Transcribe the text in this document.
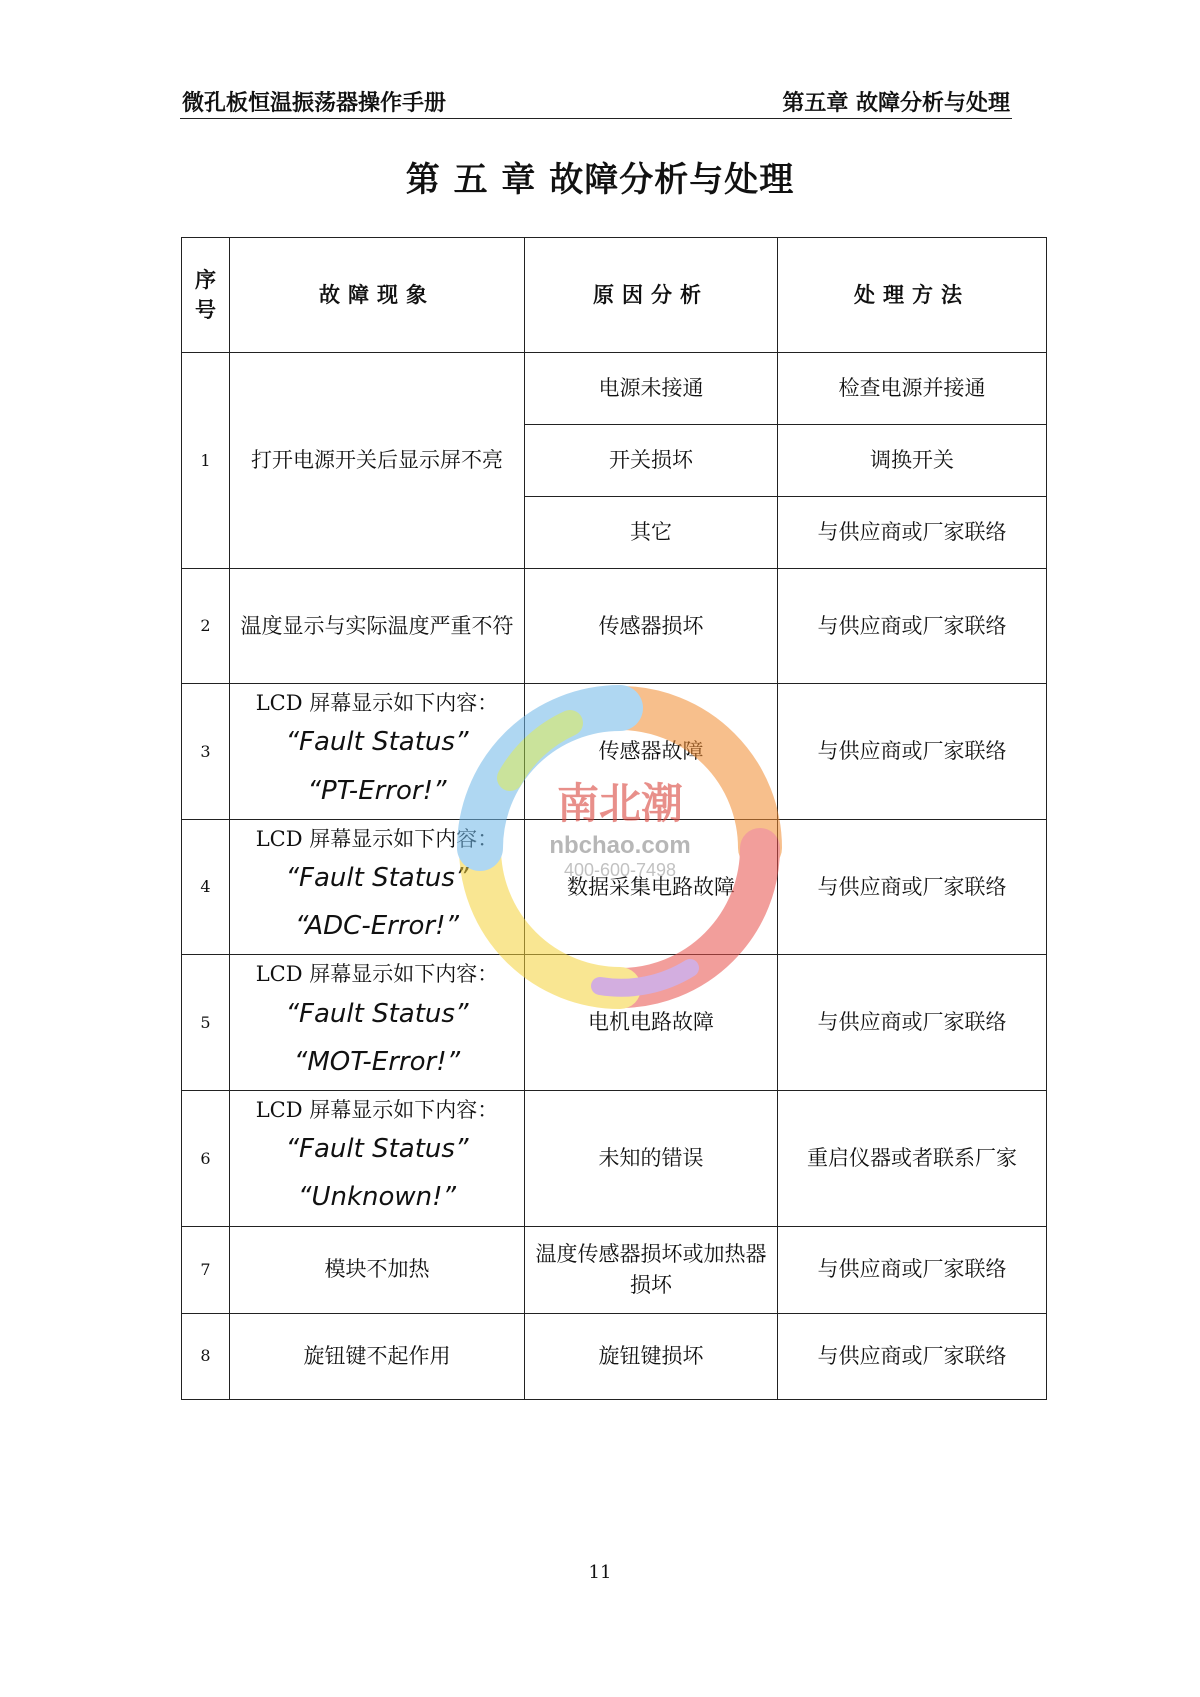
微孔板恒温振荡器操作手册	第五章 故障分析与处理
第 五 章 故障分析与处理
序号	故障现象	原因分析	处理方法
1	打开电源开关后显示屏不亮	电源未接通	检查电源并接通
		开关损坏	调换开关
		其它	与供应商或厂家联络
2	温度显示与实际温度严重不符	传感器损坏	与供应商或厂家联络
3	LCD 屏幕显示如下内容：
“Fault Status”
“PT-Error!”	传感器故障	与供应商或厂家联络
4	LCD 屏幕显示如下内容：
“Fault Status”
“ADC-Error!”	数据采集电路故障	与供应商或厂家联络
5	LCD 屏幕显示如下内容：
“Fault Status”
“MOT-Error!”	电机电路故障	与供应商或厂家联络
6	LCD 屏幕显示如下内容：
“Fault Status”
“Unknown!”	未知的错误	重启仪器或者联系厂家
7	模块不加热	温度传感器损坏或加热器损坏	与供应商或厂家联络
8	旋钮键不起作用	旋钮键损坏	与供应商或厂家联络
南北潮
nbchao.com
400-600-7498
11
